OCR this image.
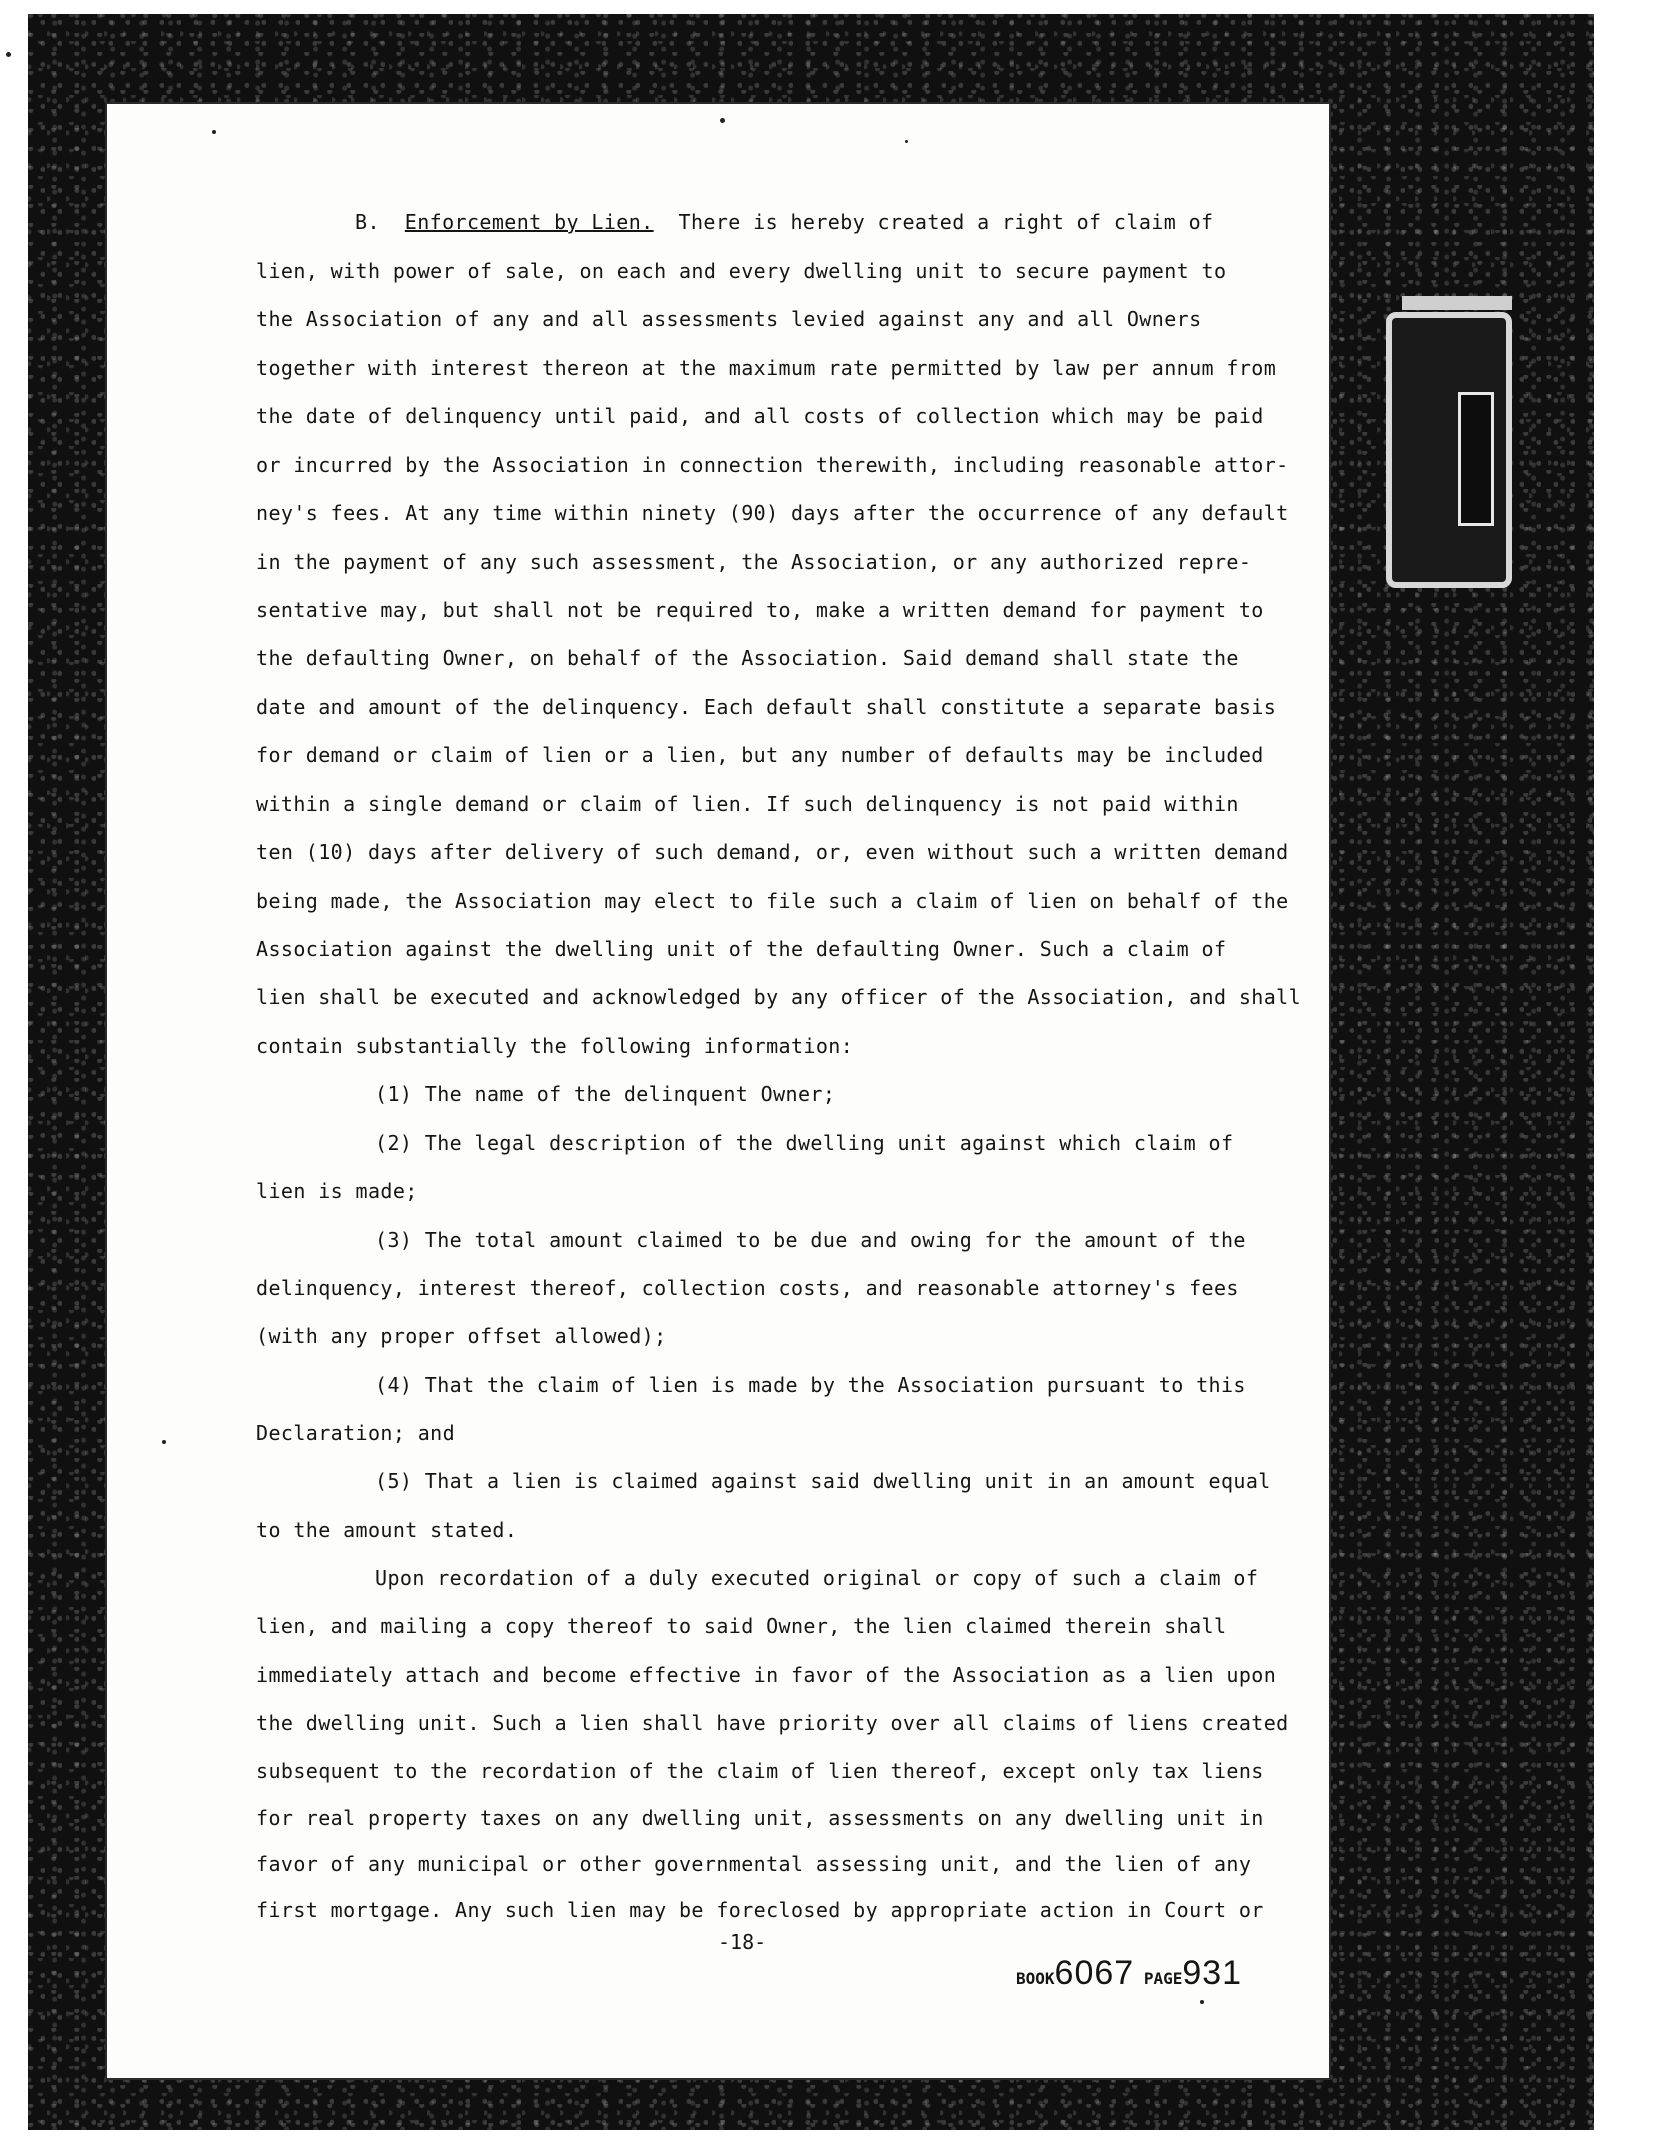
B. Enforcement by Lien. There is hereby created a right of claim of
lien, with power of sale, on each and every dwelling unit to secure payment to
the Association of any and all assessments levied against any and all Owners
together with interest thereon at the maximum rate permitted by law per annum from
the date of delinquency until paid, and all costs of collection which may be paid
or incurred by the Association in connection therewith, including reasonable attor-
ney's fees. At any time within ninety (90) days after the occurrence of any default
in the payment of any such assessment, the Association, or any authorized repre-
sentative may, but shall not be required to, make a written demand for payment to
the defaulting Owner, on behalf of the Association. Said demand shall state the
date and amount of the delinquency. Each default shall constitute a separate basis
for demand or claim of lien or a lien, but any number of defaults may be included
within a single demand or claim of lien. If such delinquency is not paid within
ten (10) days after delivery of such demand, or, even without such a written demand
being made, the Association may elect to file such a claim of lien on behalf of the
Association against the dwelling unit of the defaulting Owner. Such a claim of
lien shall be executed and acknowledged by any officer of the Association, and shall
contain substantially the following information:
(1) The name of the delinquent Owner;
(2) The legal description of the dwelling unit against which claim of
lien is made;
(3) The total amount claimed to be due and owing for the amount of the
delinquency, interest thereof, collection costs, and reasonable attorney's fees
(with any proper offset allowed);
(4) That the claim of lien is made by the Association pursuant to this
Declaration; and
(5) That a lien is claimed against said dwelling unit in an amount equal
to the amount stated.
Upon recordation of a duly executed original or copy of such a claim of
lien, and mailing a copy thereof to said Owner, the lien claimed therein shall
immediately attach and become effective in favor of the Association as a lien upon
the dwelling unit. Such a lien shall have priority over all claims of liens created
subsequent to the recordation of the claim of lien thereof, except only tax liens
for real property taxes on any dwelling unit, assessments on any dwelling unit in
favor of any municipal or other governmental assessing unit, and the lien of any
first mortgage. Any such lien may be foreclosed by appropriate action in Court or
-18-
BOOK6067 PAGE931
